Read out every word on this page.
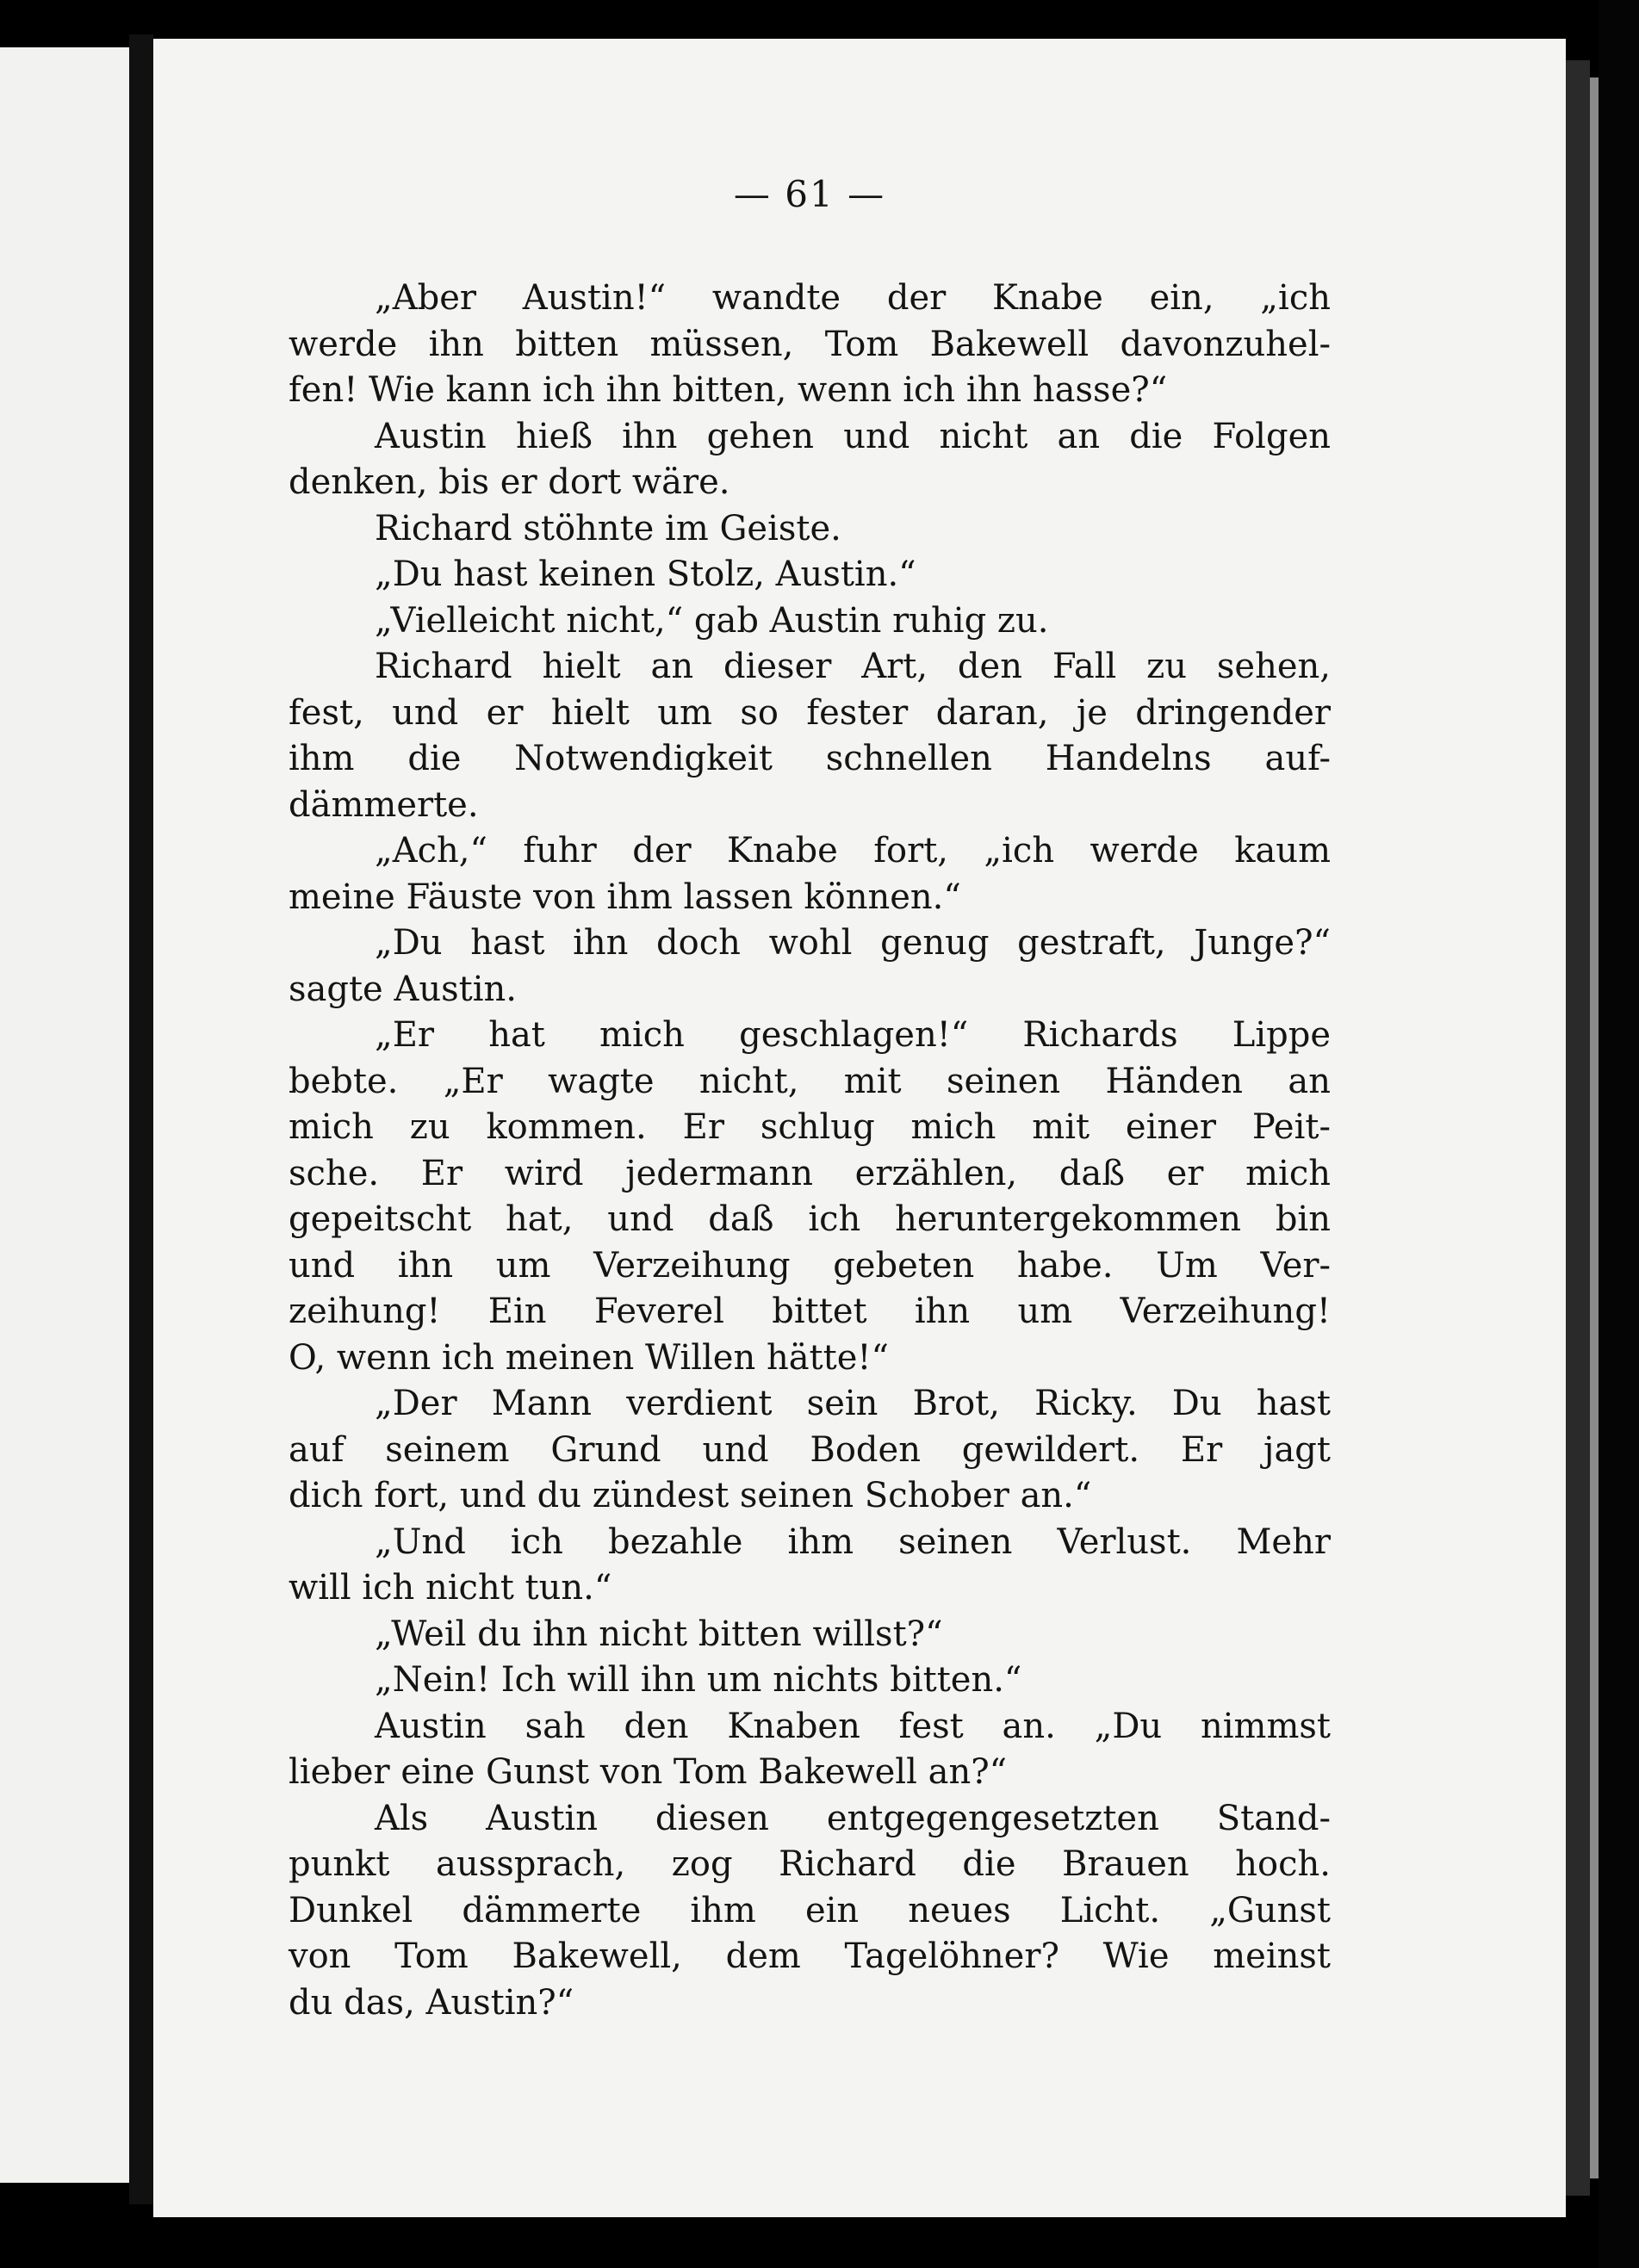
— 61 —
„Aber Austin!“ wandte der Knabe ein, „ich
werde ihn bitten müssen, Tom Bakewell davonzuhel-
fen! Wie kann ich ihn bitten, wenn ich ihn hasse?“
Austin hieß ihn gehen und nicht an die Folgen
denken, bis er dort wäre.
Richard stöhnte im Geiste.
„Du hast keinen Stolz, Austin.“
„Vielleicht nicht,“ gab Austin ruhig zu.
Richard hielt an dieser Art, den Fall zu sehen,
fest, und er hielt um so fester daran, je dringender
ihm die Notwendigkeit schnellen Handelns auf-
dämmerte.
„Ach,“ fuhr der Knabe fort, „ich werde kaum
meine Fäuste von ihm lassen können.“
„Du hast ihn doch wohl genug gestraft, Junge?“
sagte Austin.
„Er hat mich geschlagen!“ Richards Lippe
bebte. „Er wagte nicht, mit seinen Händen an
mich zu kommen. Er schlug mich mit einer Peit-
sche. Er wird jedermann erzählen, daß er mich
gepeitscht hat, und daß ich heruntergekommen bin
und ihn um Verzeihung gebeten habe. Um Ver-
zeihung! Ein Feverel bittet ihn um Verzeihung!
O, wenn ich meinen Willen hätte!“
„Der Mann verdient sein Brot, Ricky. Du hast
auf seinem Grund und Boden gewildert. Er jagt
dich fort, und du zündest seinen Schober an.“
„Und ich bezahle ihm seinen Verlust. Mehr
will ich nicht tun.“
„Weil du ihn nicht bitten willst?“
„Nein! Ich will ihn um nichts bitten.“
Austin sah den Knaben fest an. „Du nimmst
lieber eine Gunst von Tom Bakewell an?“
Als Austin diesen entgegengesetzten Stand-
punkt aussprach, zog Richard die Brauen hoch.
Dunkel dämmerte ihm ein neues Licht. „Gunst
von Tom Bakewell, dem Tagelöhner? Wie meinst
du das, Austin?“
